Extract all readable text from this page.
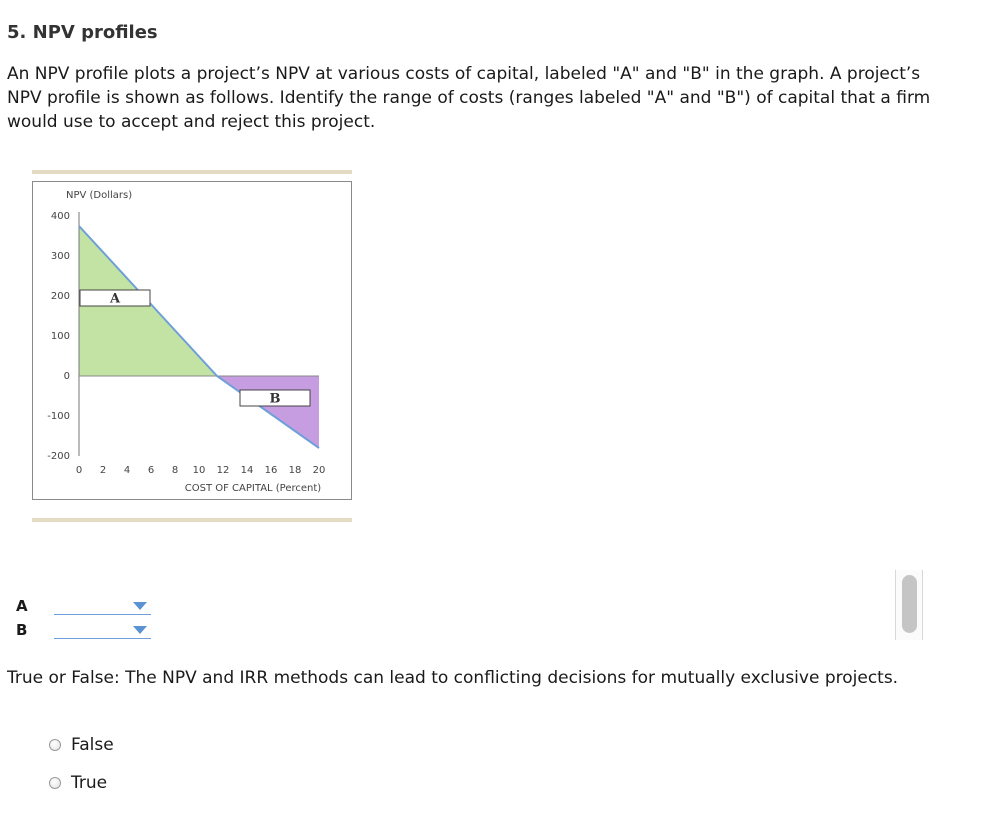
5. NPV profiles

An NPV profile plots a project’s NPV at various costs of capital, labeled "A" and "B" in the graph. A project’s NPV profile is shown as follows. Identify the range of costs (ranges labeled "A" and "B") of capital that a firm would use to accept and reject this project.

400
300
200
100
0
-100
-200
0 2 4 6 8 10 12 14 16 18 20
NPV (Dollars)
COST OF CAPITAL (Percent)
A
B
A
B

True or False: The NPV and IRR methods can lead to conflicting decisions for mutually exclusive projects.

False
True
